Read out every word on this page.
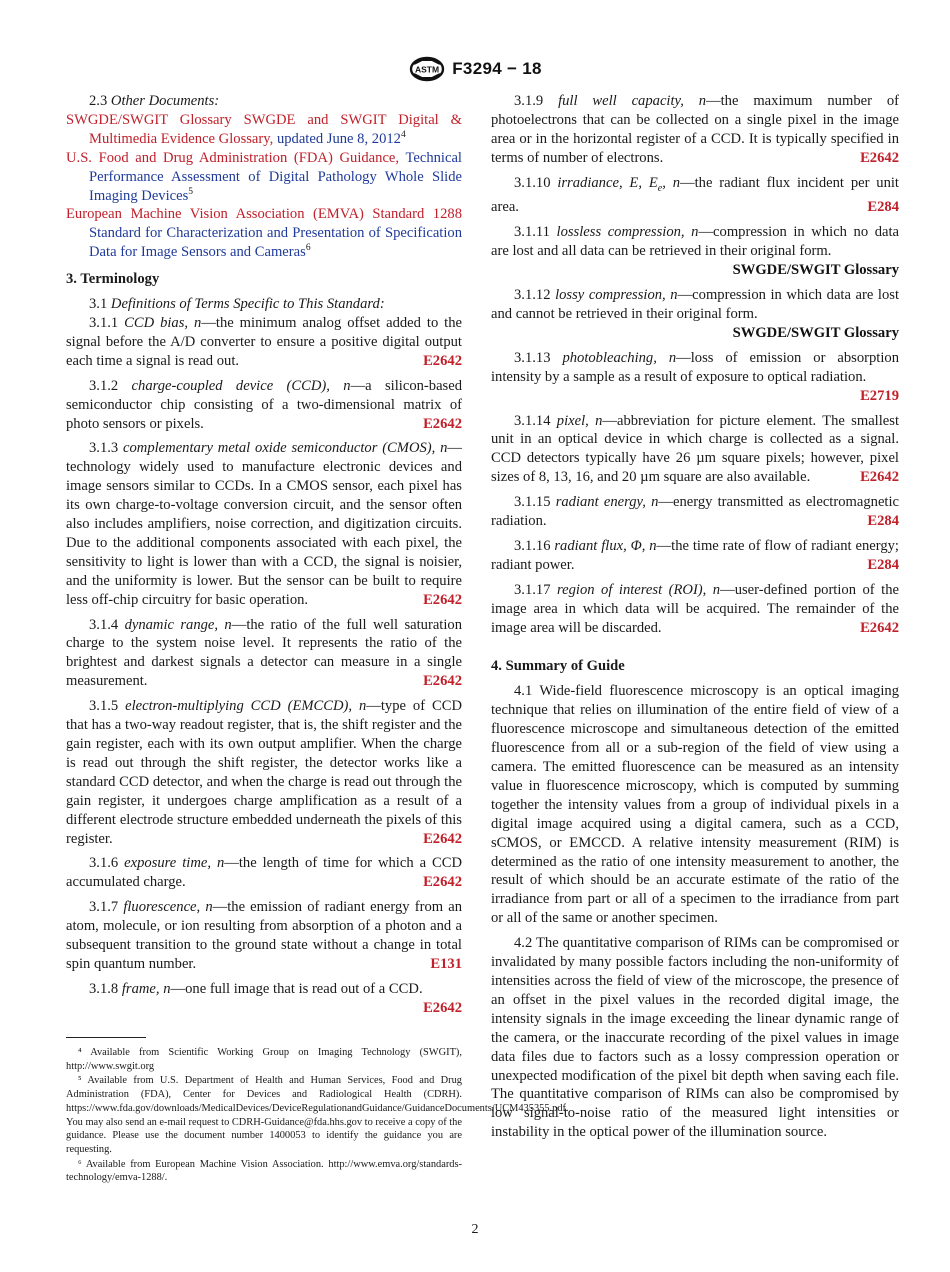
ASTM F3294 − 18

2.3 Other Documents:

SWGDE/SWGIT Glossary SWGDE and SWGIT Digital & Multimedia Evidence Glossary, updated June 8, 2012$^4$

U.S. Food and Drug Administration (FDA) Guidance, Technical Performance Assessment of Digital Pathology Whole Slide Imaging Devices$^5$

European Machine Vision Association (EMVA) Standard 1288 Standard for Characterization and Presentation of Specification Data for Image Sensors and Cameras$^6$

3. Terminology

3.1 Definitions of Terms Specific to This Standard:

3.1.1 CCD bias, n—the minimum analog offset added to the signal before the A/D converter to ensure a positive digital output each time a signal is read out.	E2642

3.1.2 charge-coupled device (CCD), n—a silicon-based semiconductor chip consisting of a two-dimensional matrix of photo sensors or pixels.	E2642

3.1.3 complementary metal oxide semiconductor (CMOS), n—technology widely used to manufacture electronic devices and image sensors similar to CCDs. In a CMOS sensor, each pixel has its own charge-to-voltage conversion circuit, and the sensor often also includes amplifiers, noise correction, and digitization circuits. Due to the additional components associated with each pixel, the sensitivity to light is lower than with a CCD, the signal is noisier, and the uniformity is lower. But the sensor can be built to require less off-chip circuitry for basic operation.	E2642

3.1.4 dynamic range, n—the ratio of the full well saturation charge to the system noise level. It represents the ratio of the brightest and darkest signals a detector can measure in a single measurement.	E2642

3.1.5 electron-multiplying CCD (EMCCD), n—type of CCD that has a two-way readout register, that is, the shift register and the gain register, each with its own output amplifier. When the charge is read out through the shift register, the detector works like a standard CCD detector, and when the charge is read out through the gain register, it undergoes charge amplification as a result of a different electrode structure embedded underneath the pixels of this register.	E2642

3.1.6 exposure time, n—the length of time for which a CCD accumulated charge.	E2642

3.1.7 fluorescence, n—the emission of radiant energy from an atom, molecule, or ion resulting from absorption of a photon and a subsequent transition to the ground state without a change in total spin quantum number.	E131

3.1.8 frame, n—one full image that is read out of a CCD.
E2642

3.1.9 full well capacity, n—the maximum number of photoelectrons that can be collected on a single pixel in the image area or in the horizontal register of a CCD. It is typically specified in terms of number of electrons.	E2642

3.1.10 irradiance, E, $E_e$, n—the radiant flux incident per unit area.	E284

3.1.11 lossless compression, n—compression in which no data are lost and all data can be retrieved in their original form.
SWGDE/SWGIT Glossary

3.1.12 lossy compression, n—compression in which data are lost and cannot be retrieved in their original form.
SWGDE/SWGIT Glossary

3.1.13 photobleaching, n—loss of emission or absorption intensity by a sample as a result of exposure to optical radiation.
E2719

3.1.14 pixel, n—abbreviation for picture element. The smallest unit in an optical device in which charge is collected as a signal. CCD detectors typically have 26 µm square pixels; however, pixel sizes of 8, 13, 16, and 20 µm square are also available.	E2642

3.1.15 radiant energy, n—energy transmitted as electromagnetic radiation.	E284

3.1.16 radiant flux, Φ, n—the time rate of flow of radiant energy; radiant power.	E284

3.1.17 region of interest (ROI), n—user-defined portion of the image area in which data will be acquired. The remainder of the image area will be discarded.	E2642

4. Summary of Guide

4.1 Wide-field fluorescence microscopy is an optical imaging technique that relies on illumination of the entire field of view of a fluorescence microscope and simultaneous detection of the emitted fluorescence from all or a sub-region of the field of view using a camera. The emitted fluorescence can be measured as an intensity value in fluorescence microscopy, which is computed by summing together the intensity values from a group of individual pixels in a digital image acquired using a digital camera, such as a CCD, sCMOS, or EMCCD. A relative intensity measurement (RIM) is determined as the ratio of one intensity measurement to another, the result of which should be an accurate estimate of the ratio of the irradiance from part or all of a specimen to the irradiance from part or all of the same or another specimen.

4.2 The quantitative comparison of RIMs can be compromised or invalidated by many possible factors including the non-uniformity of intensities across the field of view of the microscope, the presence of an offset in the pixel values in the recorded digital image, the intensity signals in the image exceeding the linear dynamic range of the camera, or the inaccurate recording of the pixel values in image data files due to factors such as a lossy compression operation or unexpected modification of the pixel bit depth when saving each file. The quantitative comparison of RIMs can also be compromised by low signal-to-noise ratio of the measured light intensities or instability in the optical power of the illumination source.

⁴ Available from Scientific Working Group on Imaging Technology (SWGIT), http://www.swgit.org

⁵ Available from U.S. Department of Health and Human Services, Food and Drug Administration (FDA), Center for Devices and Radiological Health (CDRH). https://www.fda.gov/downloads/MedicalDevices/DeviceRegulationandGuidance/GuidanceDocuments/UCM435355.pdf. You may also send an e-mail request to CDRH-Guidance@fda.hhs.gov to receive a copy of the guidance. Please use the document number 1400053 to identify the guidance you are requesting.

⁶ Available from European Machine Vision Association. http://www.emva.org/standards-technology/emva-1288/.

2
